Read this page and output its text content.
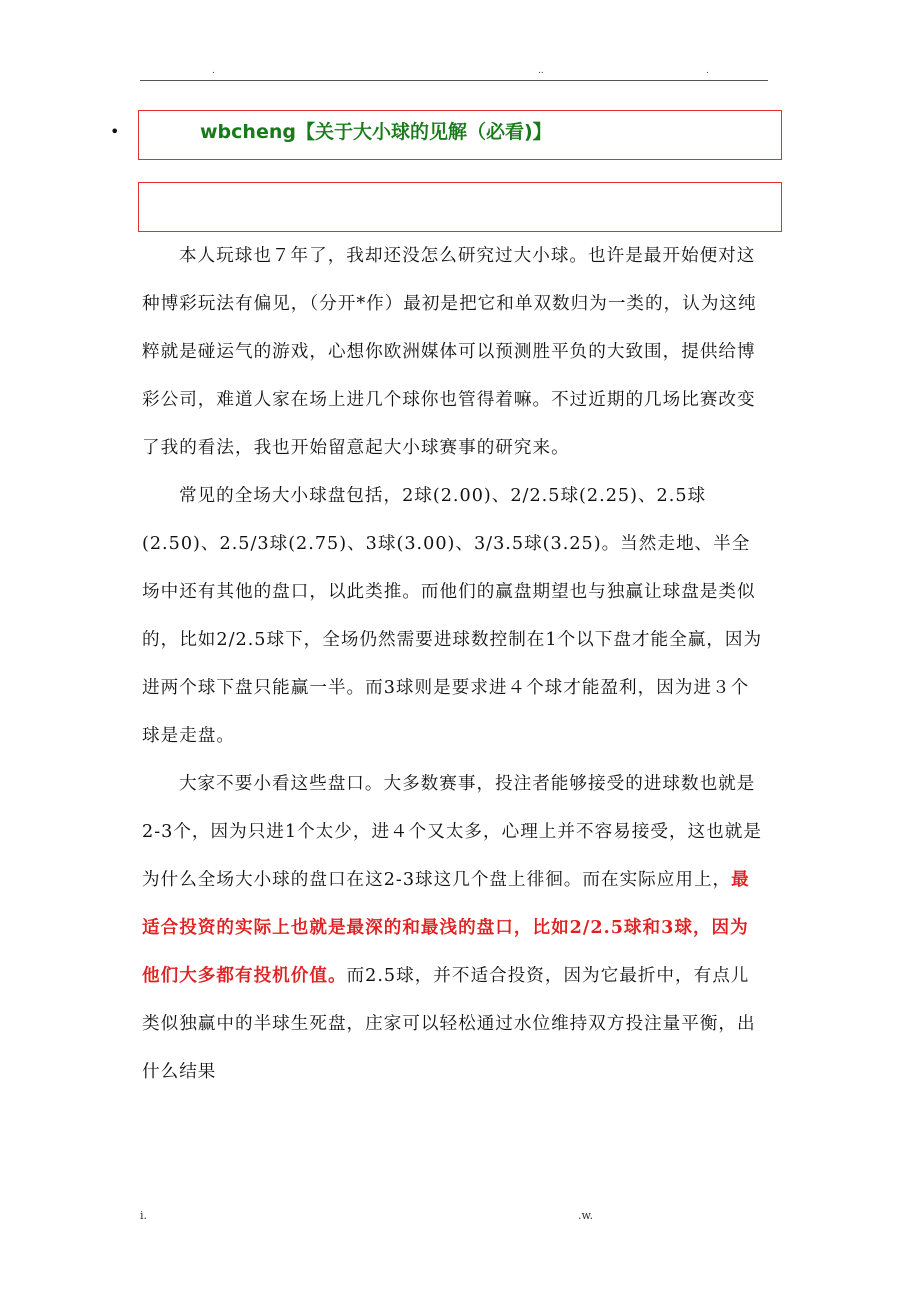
.	..	.
•	wbcheng【关于大小球的见解（必看)】

本人玩球也７年了，我却还没怎么研究过大小球。也许是最开始便对这种博彩玩法有偏见，（分开*作）最初是把它和单双数归为一类的，认为这纯粹就是碰运气的游戏，心想你欧洲媒体可以预测胜平负的大致围，提供给博彩公司，难道人家在场上进几个球你也管得着嘛。不过近期的几场比赛改变了我的看法，我也开始留意起大小球赛事的研究来。

常见的全场大小球盘包括，2球(2.00)、2/2.5球(2.25)、2.5球(2.50)、2.5/3球(2.75)、3球(3.00)、3/3.5球(3.25)。当然走地、半全场中还有其他的盘口，以此类推。而他们的赢盘期望也与独赢让球盘是类似的，比如2/2.5球下，全场仍然需要进球数控制在1个以下盘才能全赢，因为进两个球下盘只能赢一半。而3球则是要求进４个球才能盈利，因为进３个球是走盘。

大家不要小看这些盘口。大多数赛事，投注者能够接受的进球数也就是2-3个，因为只进1个太少，进４个又太多，心理上并不容易接受，这也就是为什么全场大小球的盘口在这2-3球这几个盘上徘徊。而在实际应用上，最适合投资的实际上也就是最深的和最浅的盘口，比如2/2.5球和3球，因为他们大多都有投机价值。而2.5球，并不适合投资，因为它最折中，有点儿类似独赢中的半球生死盘，庄家可以轻松通过水位维持双方投注量平衡，出什么结果

i.	.w.
